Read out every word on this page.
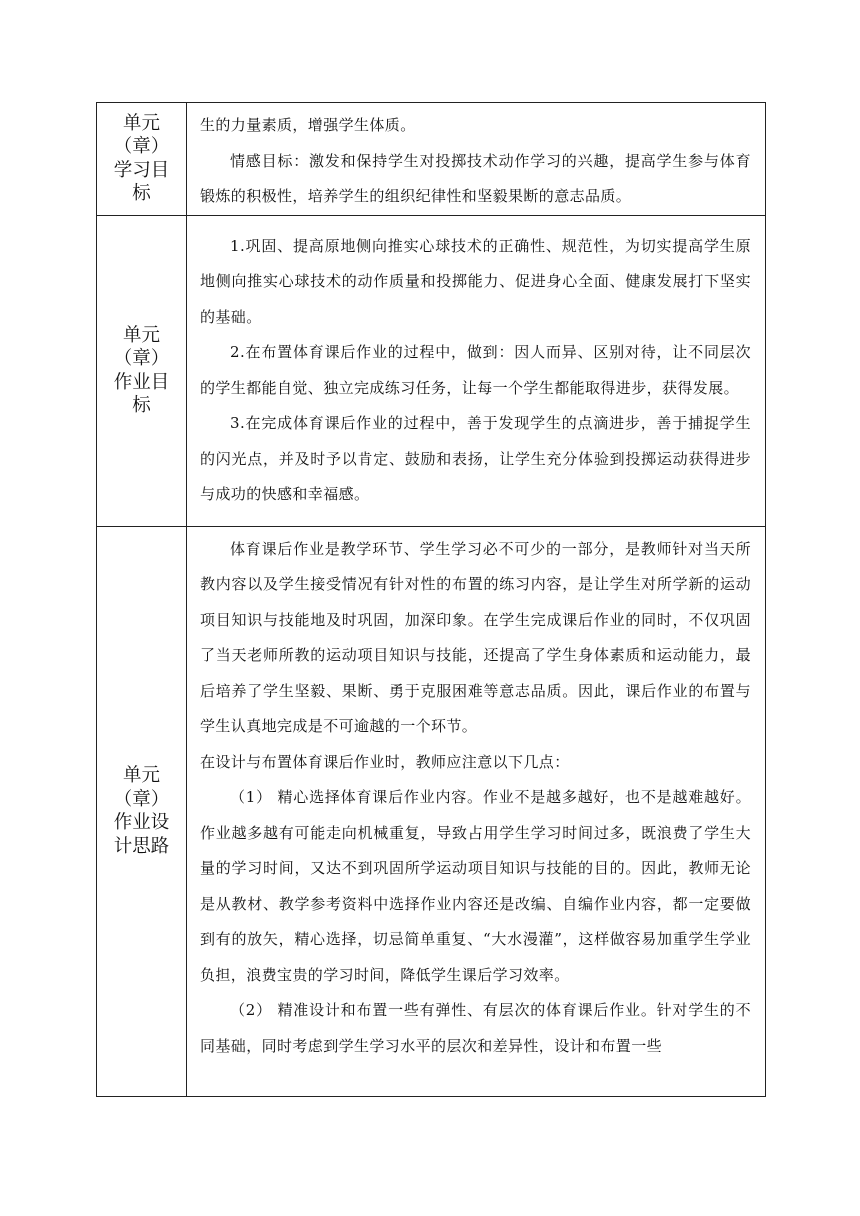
单元（章）学习目标	生的力量素质，增强学生体质。

情感目标：激发和保持学生对投掷技术动作学习的兴趣，提高学生参与体育锻炼的积极性，培养学生的组织纪律性和坚毅果断的意志品质。

单元（章）作业目标	1.巩固、提高原地侧向推实心球技术的正确性、规范性，为切实提高学生原地侧向推实心球技术的动作质量和投掷能力、促进身心全面、健康发展打下坚实的基础。

2.在布置体育课后作业的过程中，做到：因人而异、区别对待，让不同层次的学生都能自觉、独立完成练习任务，让每一个学生都能取得进步，获得发展。

3.在完成体育课后作业的过程中，善于发现学生的点滴进步，善于捕捉学生的闪光点，并及时予以肯定、鼓励和表扬，让学生充分体验到投掷运动获得进步与成功的快感和幸福感。

单元（章）作业设计思路	体育课后作业是教学环节、学生学习必不可少的一部分，是教师针对当天所教内容以及学生接受情况有针对性的布置的练习内容，是让学生对所学新的运动项目知识与技能地及时巩固，加深印象。在学生完成课后作业的同时，不仅巩固了当天老师所教的运动项目知识与技能，还提高了学生身体素质和运动能力，最后培养了学生坚毅、果断、勇于克服困难等意志品质。因此，课后作业的布置与学生认真地完成是不可逾越的一个环节。

在设计与布置体育课后作业时，教师应注意以下几点：

（1） 精心选择体育课后作业内容。作业不是越多越好，也不是越难越好。作业越多越有可能走向机械重复，导致占用学生学习时间过多，既浪费了学生大量的学习时间，又达不到巩固所学运动项目知识与技能的目的。因此，教师无论是从教材、教学参考资料中选择作业内容还是改编、自编作业内容，都一定要做到有的放矢，精心选择，切忌简单重复、“大水漫灌”，这样做容易加重学生学业负担，浪费宝贵的学习时间，降低学生课后学习效率。

（2） 精准设计和布置一些有弹性、有层次的体育课后作业。针对学生的不同基础，同时考虑到学生学习水平的层次和差异性，设计和布置一些
